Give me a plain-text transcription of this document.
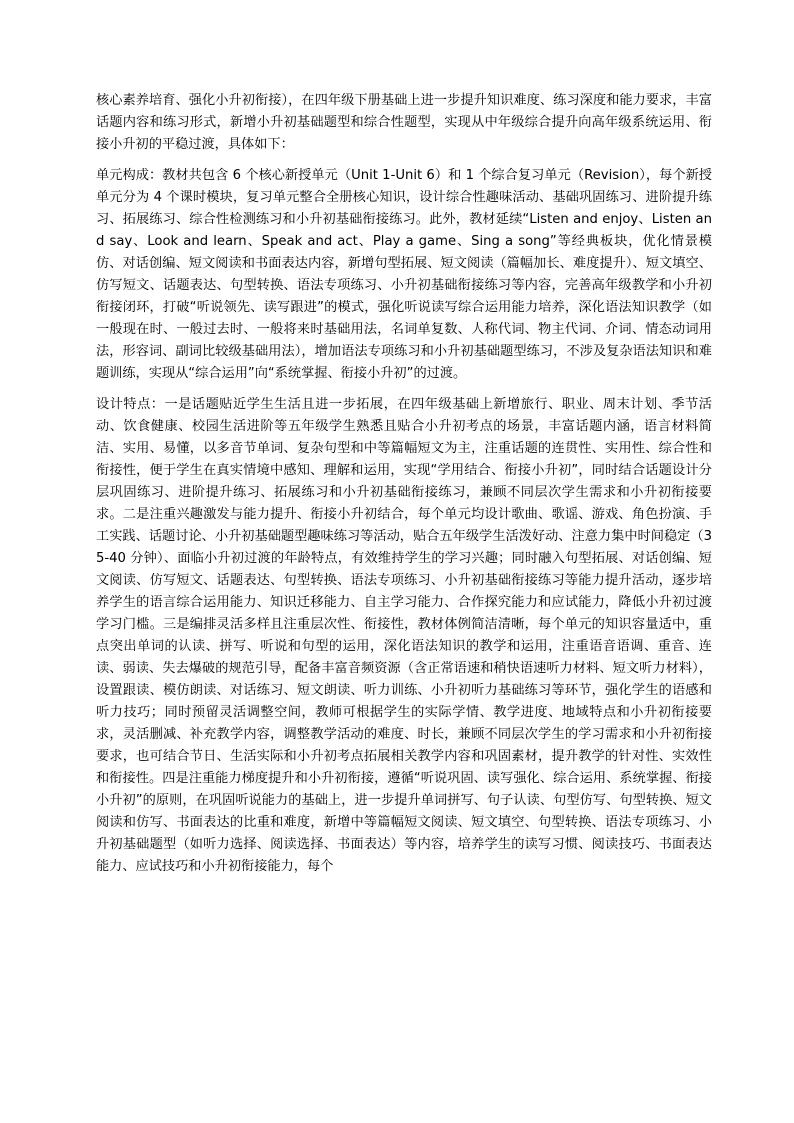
核心素养培育、强化小升初衔接），在四年级下册基础上进一步提升知识难度、练习深度和能力要求，丰富话题内容和练习形式，新增小升初基础题型和综合性题型，实现从中年级综合提升向高年级系统运用、衔接小升初的平稳过渡，具体如下：

单元构成：教材共包含 6 个核心新授单元（Unit 1-Unit 6）和 1 个综合复习单元（Revision），每个新授单元分为 4 个课时模块，复习单元整合全册核心知识，设计综合性趣味活动、基础巩固练习、进阶提升练习、拓展练习、综合性检测练习和小升初基础衔接练习。此外，教材延续“Listen and enjoy、Listen and say、Look and learn、Speak and act、Play a game、Sing a song”等经典板块，优化情景模仿、对话创编、短文阅读和书面表达内容，新增句型拓展、短文阅读（篇幅加长、难度提升）、短文填空、仿写短文、话题表达、句型转换、语法专项练习、小升初基础衔接练习等内容，完善高年级教学和小升初衔接闭环，打破“听说领先、读写跟进”的模式，强化听说读写综合运用能力培养，深化语法知识教学（如一般现在时、一般过去时、一般将来时基础用法，名词单复数、人称代词、物主代词、介词、情态动词用法，形容词、副词比较级基础用法），增加语法专项练习和小升初基础题型练习，不涉及复杂语法知识和难题训练，实现从“综合运用”向“系统掌握、衔接小升初”的过渡。

设计特点：一是话题贴近学生生活且进一步拓展，在四年级基础上新增旅行、职业、周末计划、季节活动、饮食健康、校园生活进阶等五年级学生熟悉且贴合小升初考点的场景，丰富话题内涵，语言材料简洁、实用、易懂，以多音节单词、复杂句型和中等篇幅短文为主，注重话题的连贯性、实用性、综合性和衔接性，便于学生在真实情境中感知、理解和运用，实现“学用结合、衔接小升初”，同时结合话题设计分层巩固练习、进阶提升练习、拓展练习和小升初基础衔接练习，兼顾不同层次学生需求和小升初衔接要求。二是注重兴趣激发与能力提升、衔接小升初结合，每个单元均设计歌曲、歌谣、游戏、角色扮演、手工实践、话题讨论、小升初基础题型趣味练习等活动，贴合五年级学生活泼好动、注意力集中时间稳定（35-40 分钟）、面临小升初过渡的年龄特点，有效维持学生的学习兴趣；同时融入句型拓展、对话创编、短文阅读、仿写短文、话题表达、句型转换、语法专项练习、小升初基础衔接练习等能力提升活动，逐步培养学生的语言综合运用能力、知识迁移能力、自主学习能力、合作探究能力和应试能力，降低小升初过渡学习门槛。三是编排灵活多样且注重层次性、衔接性，教材体例简洁清晰，每个单元的知识容量适中，重点突出单词的认读、拼写、听说和句型的运用，深化语法知识的教学和运用，注重语音语调、重音、连读、弱读、失去爆破的规范引导，配备丰富音频资源（含正常语速和稍快语速听力材料、短文听力材料），设置跟读、模仿朗读、对话练习、短文朗读、听力训练、小升初听力基础练习等环节，强化学生的语感和听力技巧；同时预留灵活调整空间，教师可根据学生的实际学情、教学进度、地域特点和小升初衔接要求，灵活删减、补充教学内容，调整教学活动的难度、时长，兼顾不同层次学生的学习需求和小升初衔接要求，也可结合节日、生活实际和小升初考点拓展相关教学内容和巩固素材，提升教学的针对性、实效性和衔接性。四是注重能力梯度提升和小升初衔接，遵循“听说巩固、读写强化、综合运用、系统掌握、衔接小升初”的原则，在巩固听说能力的基础上，进一步提升单词拼写、句子认读、句型仿写、句型转换、短文阅读和仿写、书面表达的比重和难度，新增中等篇幅短文阅读、短文填空、句型转换、语法专项练习、小升初基础题型（如听力选择、阅读选择、书面表达）等内容，培养学生的读写习惯、阅读技巧、书面表达能力、应试技巧和小升初衔接能力，每个
